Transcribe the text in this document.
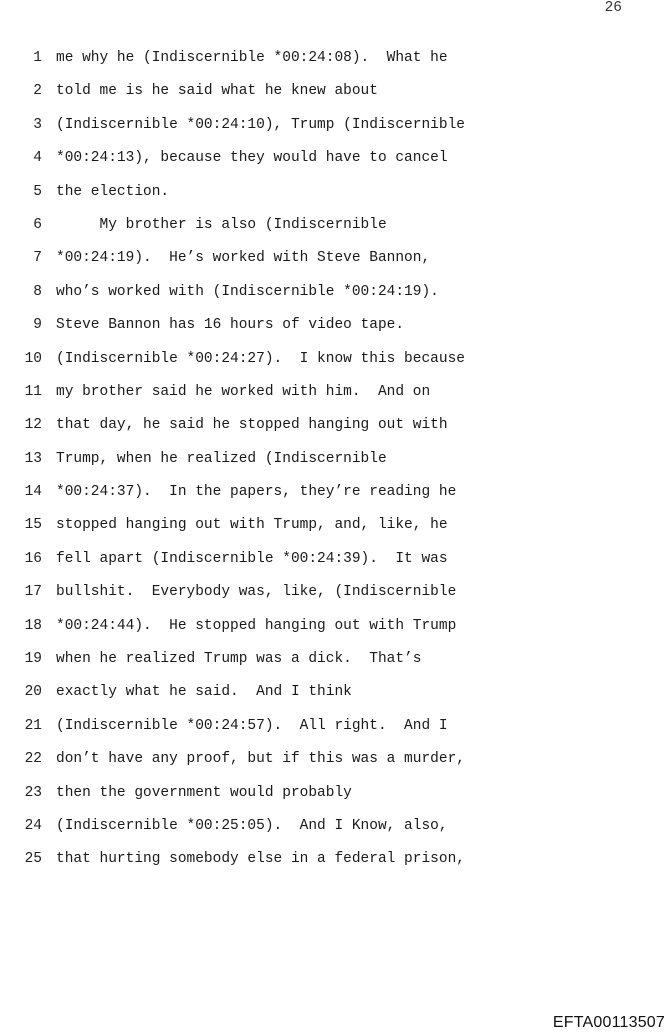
26
1 me why he (Indiscernible *00:24:08).  What he
2 told me is he said what he knew about
3 (Indiscernible *00:24:10), Trump (Indiscernible
4 *00:24:13), because they would have to cancel
5 the election.
6 My brother is also (Indiscernible
7 *00:24:19).  He’s worked with Steve Bannon,
8 who’s worked with (Indiscernible *00:24:19).
9 Steve Bannon has 16 hours of video tape.
10 (Indiscernible *00:24:27).  I know this because
11 my brother said he worked with him.  And on
12 that day, he said he stopped hanging out with
13 Trump, when he realized (Indiscernible
14 *00:24:37).  In the papers, they’re reading he
15 stopped hanging out with Trump, and, like, he
16 fell apart (Indiscernible *00:24:39).  It was
17 bullshit.  Everybody was, like, (Indiscernible
18 *00:24:44).  He stopped hanging out with Trump
19 when he realized Trump was a dick.  That’s
20 exactly what he said.  And I think
21 (Indiscernible *00:24:57).  All right.  And I
22 don’t have any proof, but if this was a murder,
23 then the government would probably
24 (Indiscernible *00:25:05).  And I Know, also,
25 that hurting somebody else in a federal prison,
EFTA00113507
